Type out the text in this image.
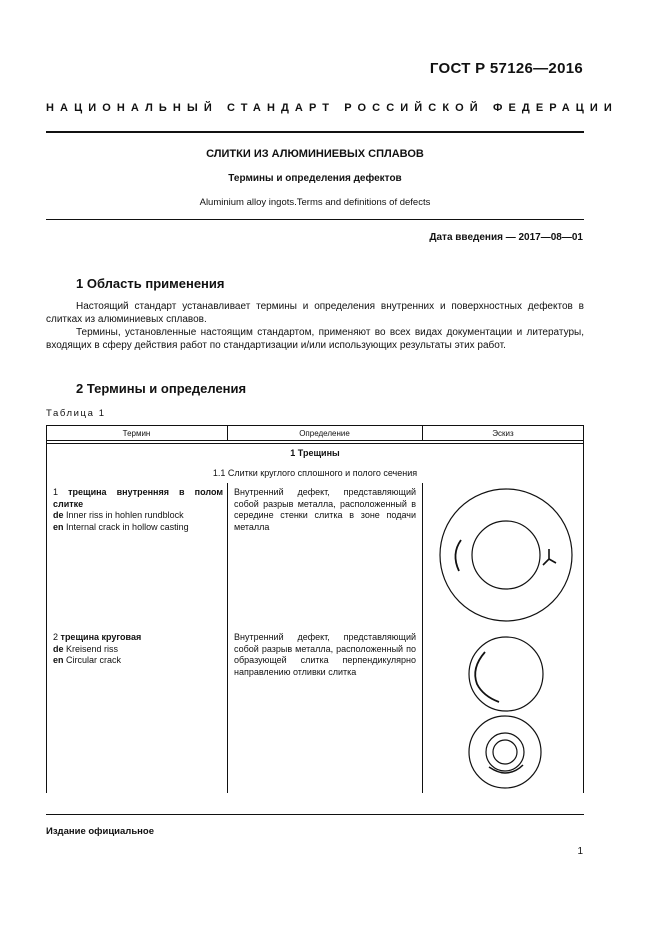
ГОСТ Р 57126—2016
НАЦИОНАЛЬНЫЙ СТАНДАРТ РОССИЙСКОЙ ФЕДЕРАЦИИ
СЛИТКИ ИЗ АЛЮМИНИЕВЫХ СПЛАВОВ
Термины и определения дефектов
Aluminium alloy ingots.Terms and definitions of defects
Дата введения — 2017—08—01
1 Область применения

Настоящий стандарт устанавливает термины и определения внутренних и поверхностных дефектов в слитках из алюминиевых сплавов.

Термины, установленные настоящим стандартом, применяют во всех видах документации и литературы, входящих в сферу действия работ по стандартизации и/или использующих результаты этих работ.

2 Термины и определения
Таблица 1
Термин	Определение	Эскиз
1 Трещины
1.1 Слитки круглого сплошного и полого сечения
1 трещина внутренняя в полом слитке
de Inner riss in hohlen rundblock
en Internal crack in hollow casting
Внутренний дефект, представляющий собой разрыв металла, расположенный в середине стенки слитка в зоне подачи металла
2 трещина круговая
de Kreisend riss
en Circular crack
Внутренний дефект, представляющий собой разрыв металла, расположенный по образующей слитка перпендикулярно направлению отливки слитка
Издание официальное
1
